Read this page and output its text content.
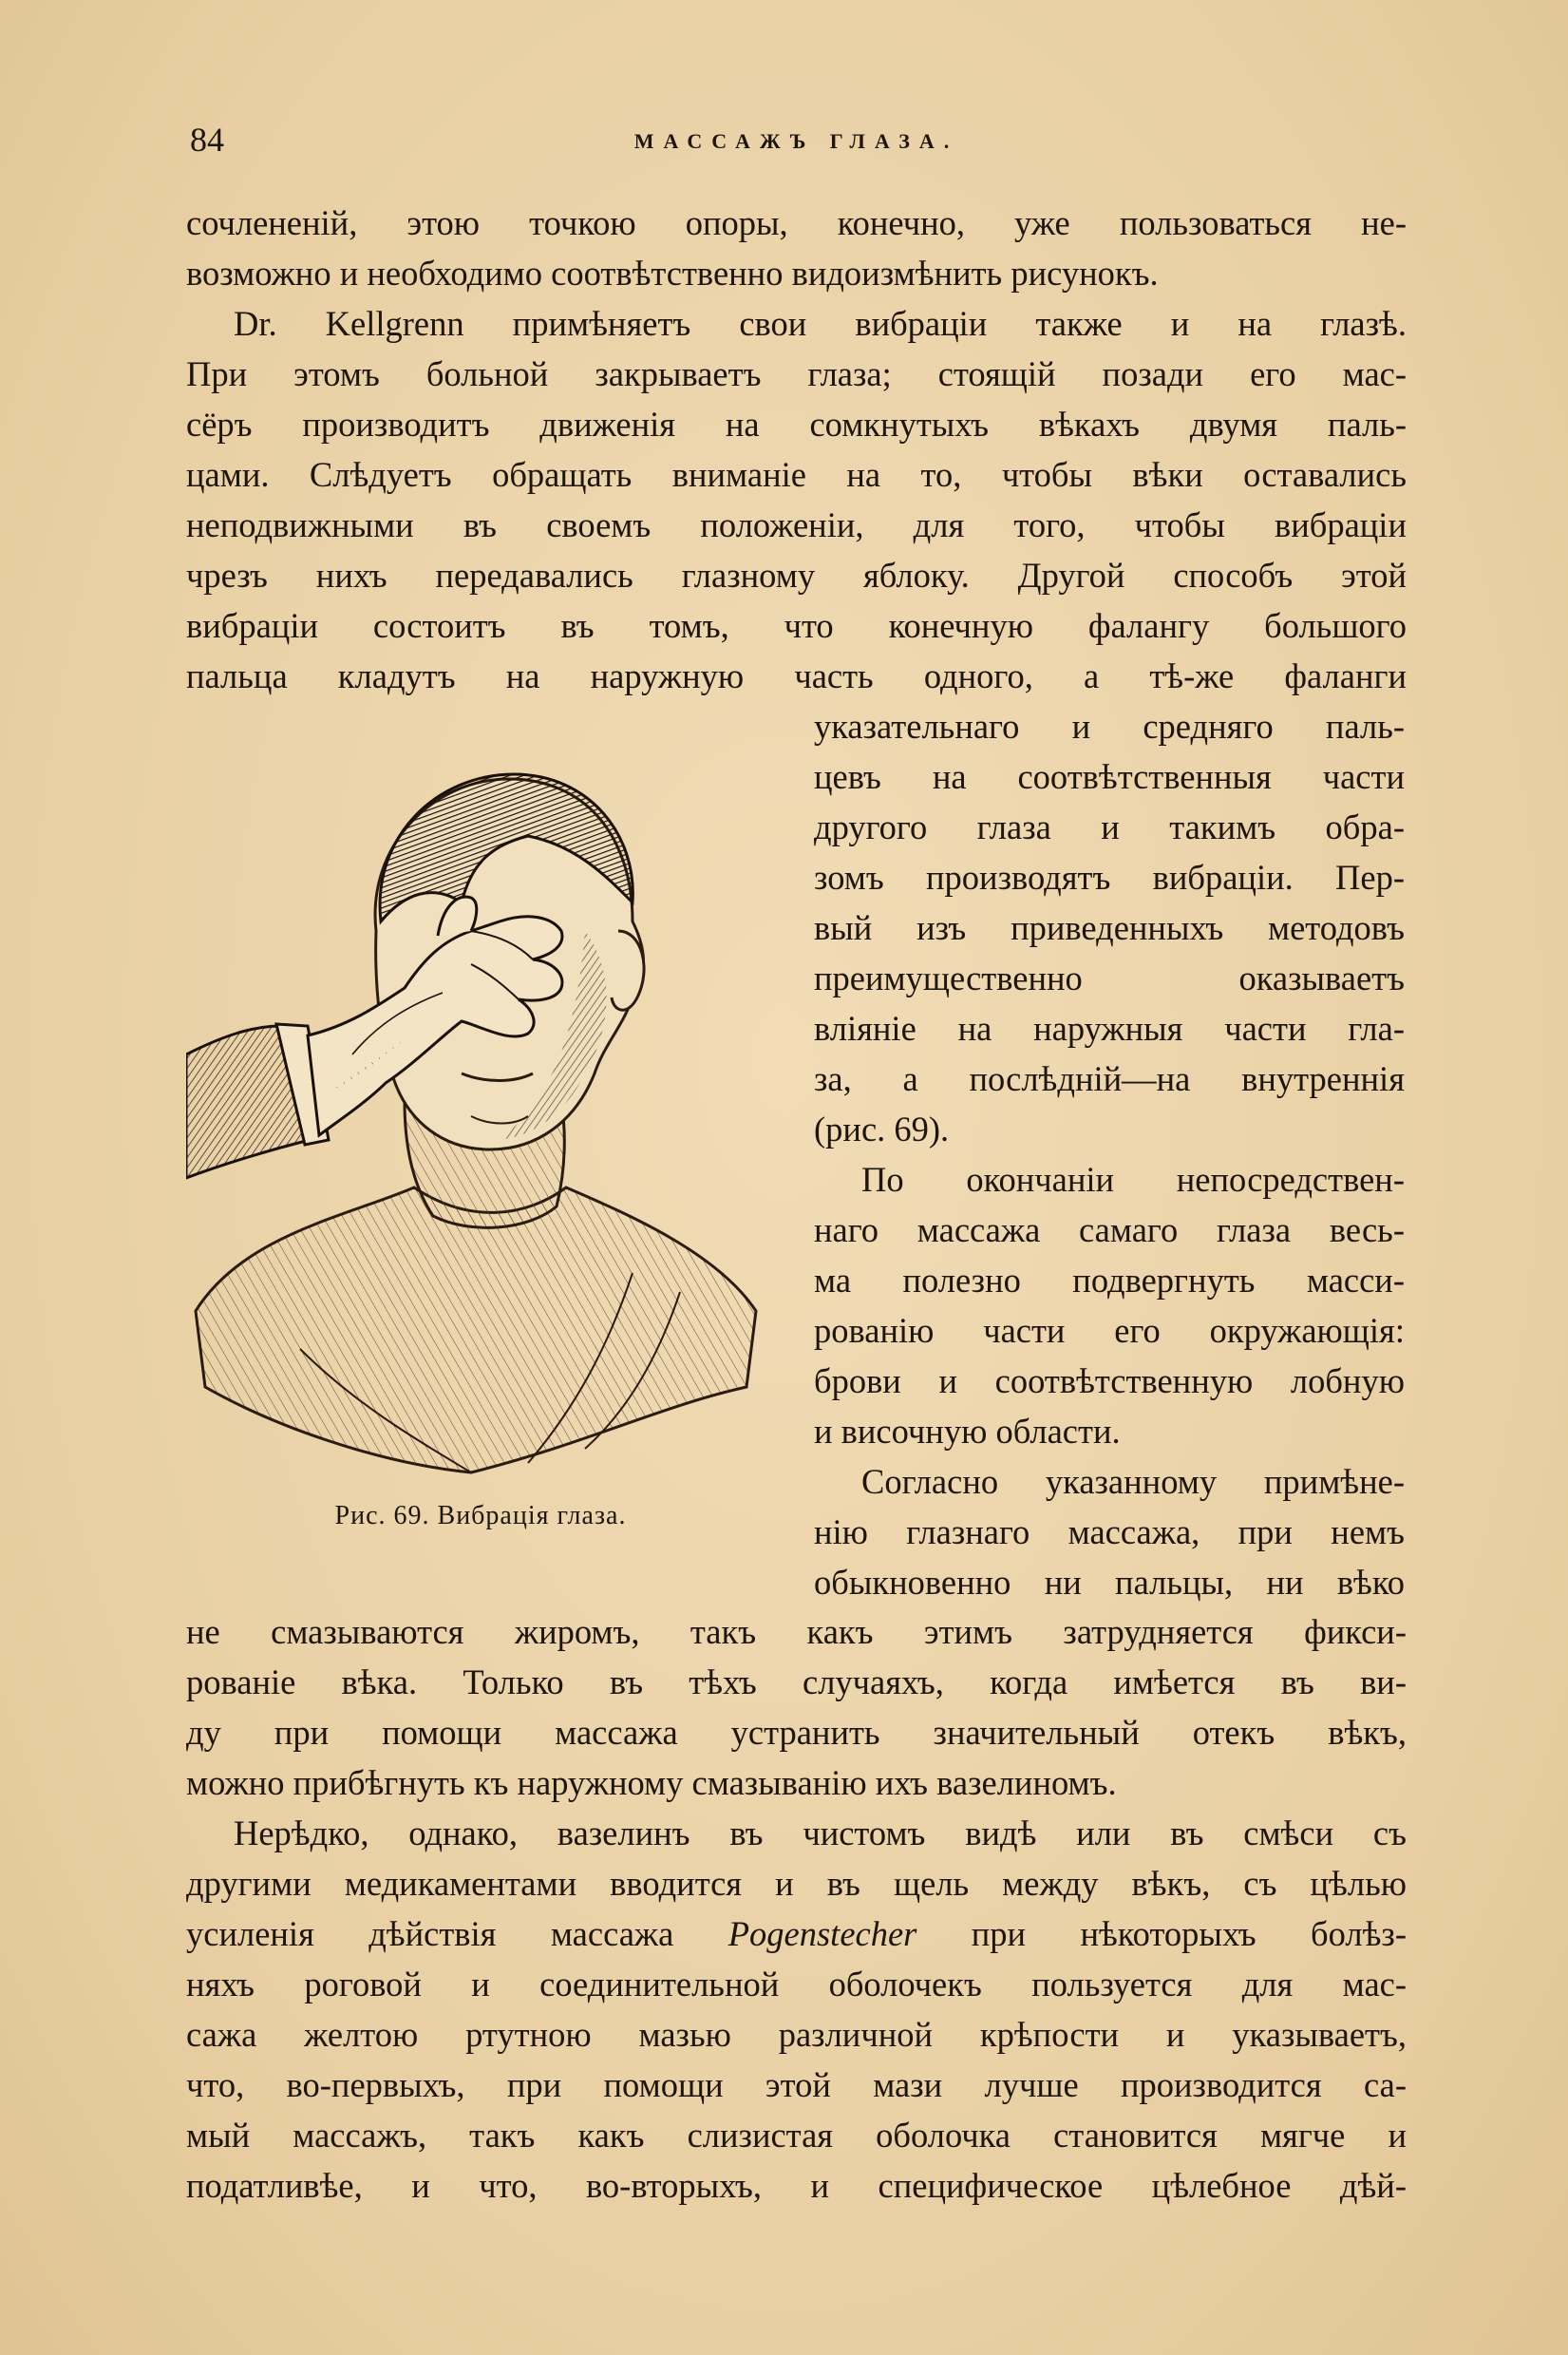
84	МАССАЖЪ ГЛАЗА.
сочлененій, этою точкою опоры, конечно, уже пользоваться не-
возможно и необходимо соотвѣтственно видоизмѣнить рисунокъ.
Dr. Kellgrenn примѣняетъ свои вибраціи также и на глазѣ.
При этомъ больной закрываетъ глаза; стоящій позади его мас-
сёръ производитъ движенія на сомкнутыхъ вѣкахъ двумя паль-
цами. Слѣдуетъ обращать вниманіе на то, чтобы вѣки оставались
неподвижными въ своемъ положеніи, для того, чтобы вибраціи
чрезъ нихъ передавались глазному яблоку. Другой способъ этой
вибраціи состоитъ въ томъ, что конечную фалангу большого
пальца кладутъ на наружную часть одного, а тѣ-же фаланги
Рис. 69. Вибрація глаза.
указательнаго и средняго паль-
цевъ на соотвѣтственныя части
другого глаза и такимъ обра-
зомъ производятъ вибраціи. Пер-
вый изъ приведенныхъ методовъ
преимущественно оказываетъ
вліяніе на наружныя части гла-
за, а послѣдній—на внутреннія
(рис. 69).
По окончаніи непосредствен-
наго массажа самаго глаза весь-
ма полезно подвергнуть масси-
рованію части его окружающія:
брови и соотвѣтственную лобную
и височную области.
Согласно указанному примѣне-
нію глазнаго массажа, при немъ
обыкновенно ни пальцы, ни вѣко
не смазываются жиромъ, такъ какъ этимъ затрудняется фикси-
рованіе вѣка. Только въ тѣхъ случаяхъ, когда имѣется въ ви-
ду при помощи массажа устранить значительный отекъ вѣкъ,
можно прибѣгнуть къ наружному смазыванію ихъ вазелиномъ.
Нерѣдко, однако, вазелинъ въ чистомъ видѣ или въ смѣси съ
другими медикаментами вводится и въ щель между вѣкъ, съ цѣлью
усиленія дѣйствія массажа Pogenstecher при нѣкоторыхъ болѣз-
няхъ роговой и соединительной оболочекъ пользуется для мас-
сажа желтою ртутною мазью различной крѣпости и указываетъ,
что, во-первыхъ, при помощи этой мази лучше производится са-
мый массажъ, такъ какъ слизистая оболочка становится мягче и
податливѣе, и что, во-вторыхъ, и специфическое цѣлебное дѣй-
